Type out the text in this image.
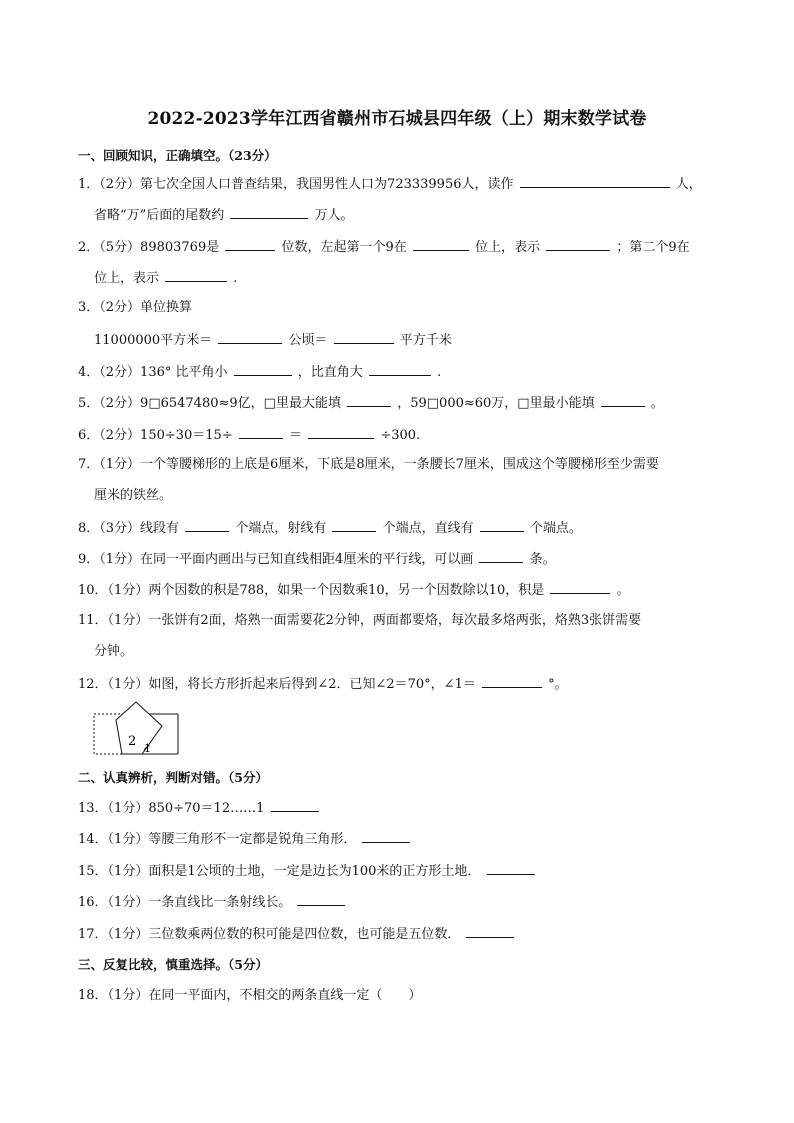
2022-2023学年江西省赣州市石城县四年级（上）期末数学试卷
一、回顾知识，正确填空。（23分）
1．（2分）第七次全国人口普查结果，我国男性人口为723339956人，读作	人，
省略“万”后面的尾数约	万人。
2．（5分）89803769是	位数，左起第一个9在	位上，表示	；第二个9在
位上，表示	.
3．（2分）单位换算
11000000平方米＝	公顷＝	平方千米
4．（2分）136° 比平角小	，比直角大	.
5．（2分）9□6547480≈9亿，□里最大能填	，59□000≈60万，□里最小能填	。
6．（2分）150÷30＝15÷	＝	÷300.
7．（1分）一个等腰梯形的上底是6厘米，下底是8厘米，一条腰长7厘米，围成这个等腰梯形至少需要
厘米的铁丝。
8．（3分）线段有	个端点，射线有	个端点，直线有	个端点。
9．（1分）在同一平面内画出与已知直线相距4厘米的平行线，可以画	条。
10．（1分）两个因数的积是788，如果一个因数乘10，另一个因数除以10，积是	。
11．（1分）一张饼有2面，烙熟一面需要花2分钟，两面都要烙，每次最多烙两张，烙熟3张饼需要
分钟。
12．（1分）如图，将长方形折起来后得到∠2．已知∠2＝70°，∠1＝	°。
2 1
二、认真辨析，判断对错。（5分）
13．（1分）850÷70＝12……1
14．（1分）等腰三角形不一定都是锐角三角形．
15．（1分）面积是1公顷的土地，一定是边长为100米的正方形土地．
16．（1分）一条直线比一条射线长。
17．（1分）三位数乘两位数的积可能是四位数，也可能是五位数．
三、反复比较，慎重选择。（5分）
18．（1分）在同一平面内，不相交的两条直线一定（　　）
